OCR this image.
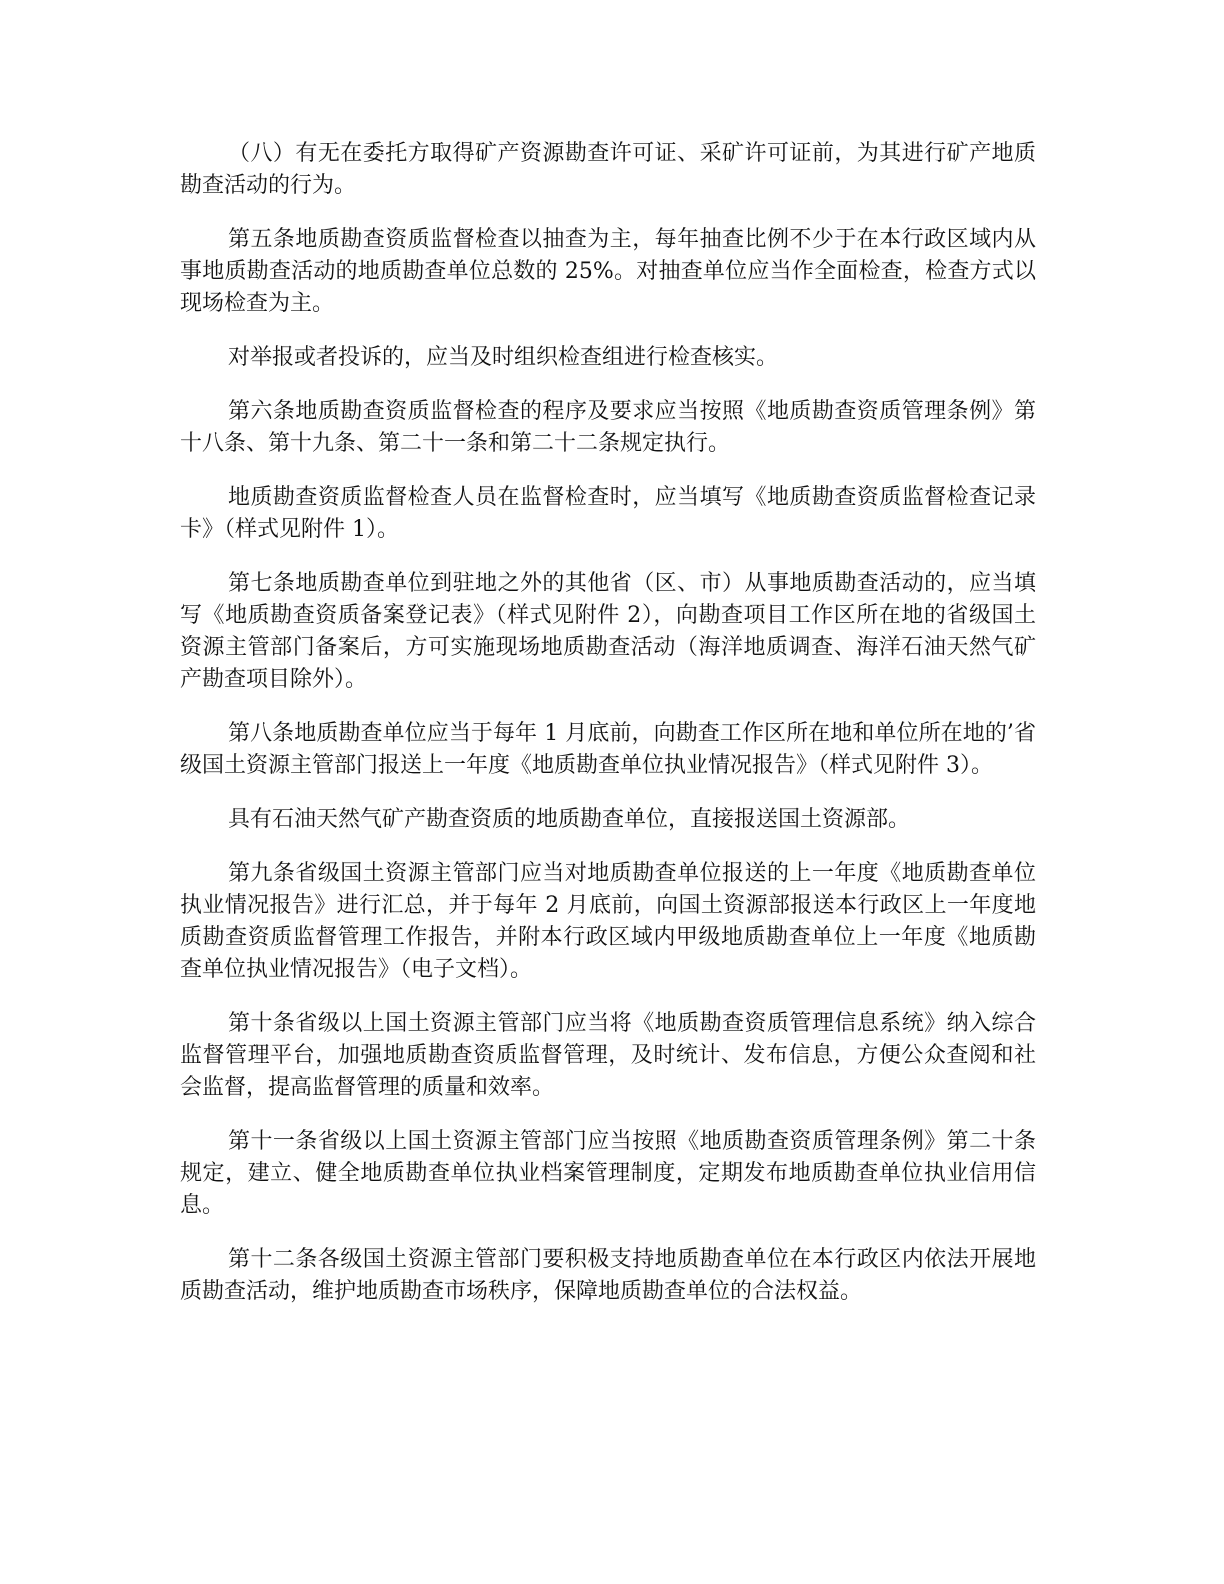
（八）有无在委托方取得矿产资源勘查许可证、采矿许可证前，为其进行矿产地质勘查活动的行为。

第五条地质勘查资质监督检查以抽查为主，每年抽查比例不少于在本行政区域内从事地质勘查活动的地质勘查单位总数的 25%。对抽查单位应当作全面检查，检查方式以现场检查为主。

对举报或者投诉的，应当及时组织检查组进行检查核实。

第六条地质勘查资质监督检查的程序及要求应当按照《地质勘查资质管理条例》第十八条、第十九条、第二十一条和第二十二条规定执行。

地质勘查资质监督检查人员在监督检查时，应当填写《地质勘查资质监督检查记录卡》（样式见附件 1）。

第七条地质勘查单位到驻地之外的其他省（区、市）从事地质勘查活动的，应当填写《地质勘查资质备案登记表》（样式见附件 2），向勘查项目工作区所在地的省级国土资源主管部门备案后，方可实施现场地质勘查活动（海洋地质调查、海洋石油天然气矿产勘查项目除外）。

第八条地质勘查单位应当于每年 1 月底前，向勘查工作区所在地和单位所在地的’省级国土资源主管部门报送上一年度《地质勘查单位执业情况报告》（样式见附件 3）。

具有石油天然气矿产勘查资质的地质勘查单位，直接报送国土资源部。

第九条省级国土资源主管部门应当对地质勘查单位报送的上一年度《地质勘查单位执业情况报告》进行汇总，并于每年 2 月底前，向国土资源部报送本行政区上一年度地质勘查资质监督管理工作报告，并附本行政区域内甲级地质勘查单位上一年度《地质勘查单位执业情况报告》（电子文档）。

第十条省级以上国土资源主管部门应当将《地质勘查资质管理信息系统》纳入综合监督管理平台，加强地质勘查资质监督管理，及时统计、发布信息，方便公众查阅和社会监督，提高监督管理的质量和效率。

第十一条省级以上国土资源主管部门应当按照《地质勘查资质管理条例》第二十条规定，建立、健全地质勘查单位执业档案管理制度，定期发布地质勘查单位执业信用信息。

第十二条各级国土资源主管部门要积极支持地质勘查单位在本行政区内依法开展地质勘查活动，维护地质勘查市场秩序，保障地质勘查单位的合法权益。
